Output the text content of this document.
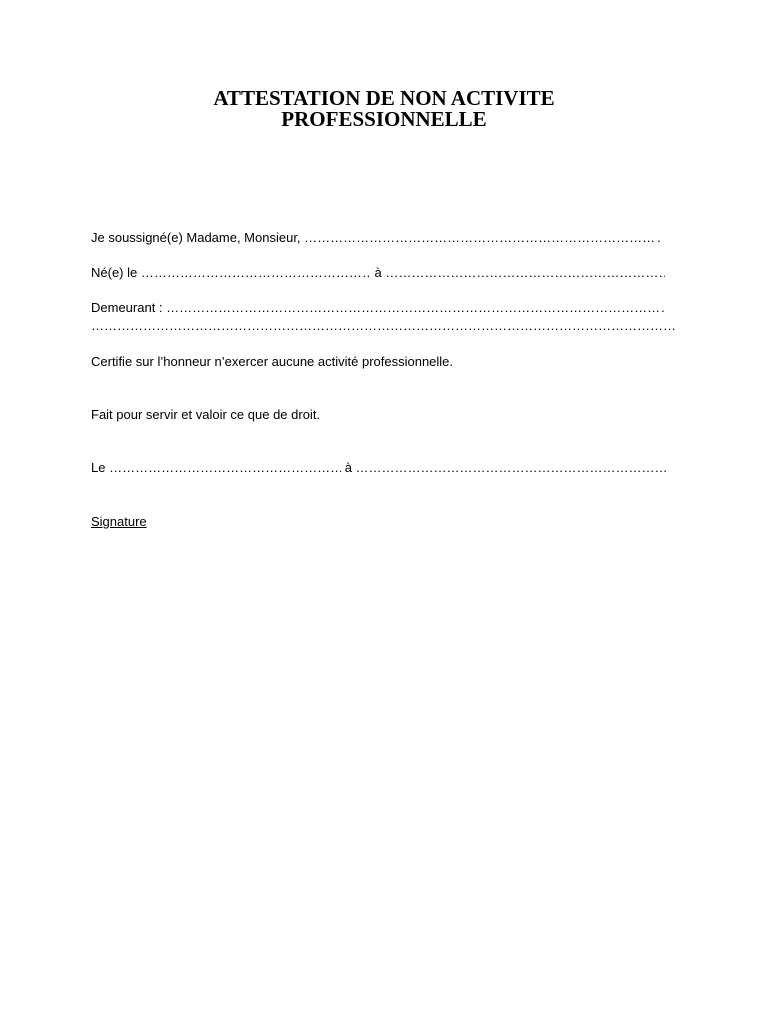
ATTESTATION DE NON ACTIVITE
PROFESSIONNELLE
Je soussigné(e) Madame, Monsieur, ………………………………………………………………………………………………………………………………………………………………………………………………………………	.
Né(e) le ………………………………………………………………………………………………………………………………………………………………………………………………………………	à ………………………………………………………………………………………………………………………………………………………………………………………………………………
Demeurant : ………………………………………………………………………………………………………………………………………………………………………………………………………………	.
………………………………………………………………………………………………………………………………………………………………………………………………………………
Certifie sur l’honneur n’exercer aucune activité professionnelle.
Fait pour servir et valoir ce que de droit.
Le ………………………………………………………………………………………………………………………………………………………………………………………………………………	à ………………………………………………………………………………………………………………………………………………………………………………………………………………
Signature
